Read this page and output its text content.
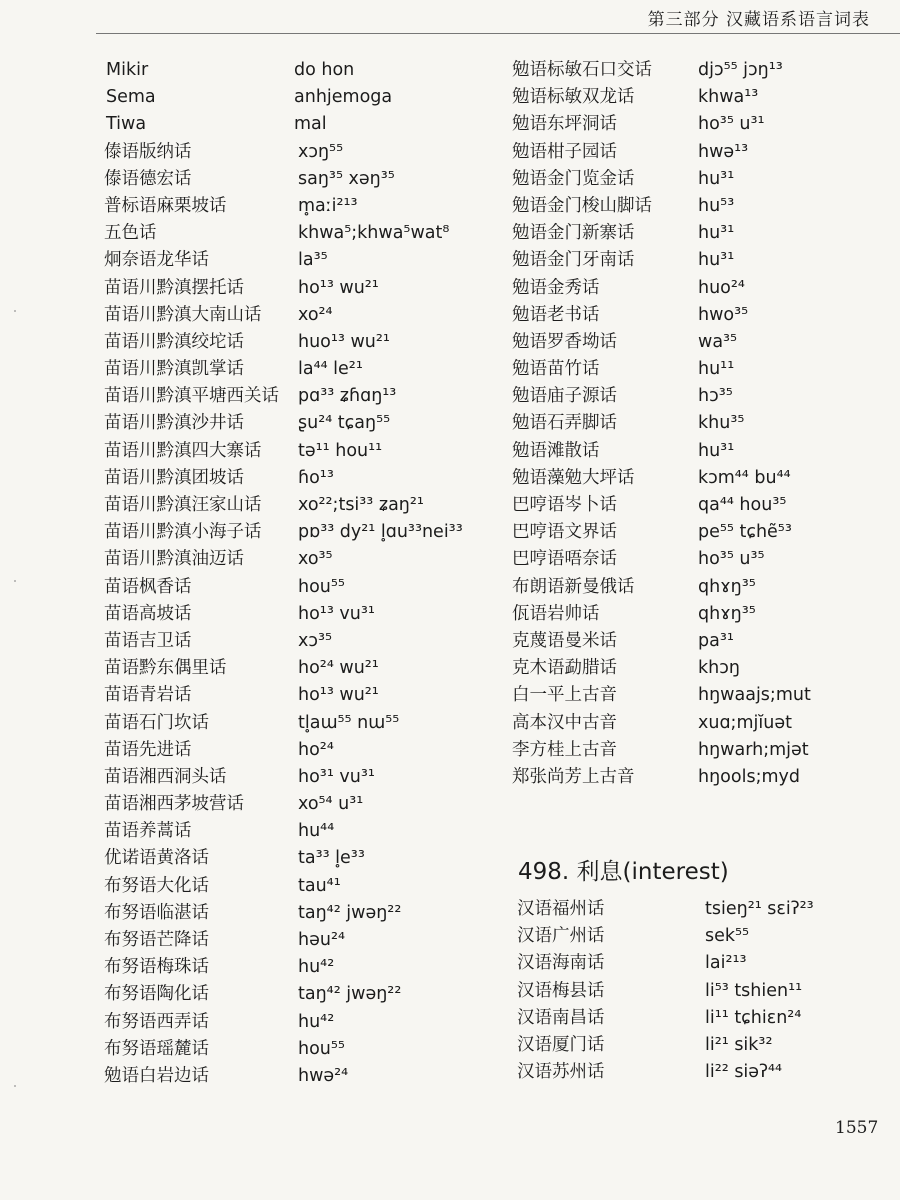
第三部分 汉藏语系语言词表
Mikir	do hon
Sema	anhjemoga
Tiwa	mal
傣语版纳话	xɔŋ⁵⁵
傣语德宏话	saŋ³⁵ xəŋ³⁵
普标语麻栗坡话	m̥aːi²¹³
五色话	khwa⁵;khwa⁵wat⁸
炯奈语龙华话	la³⁵
苗语川黔滇摆托话	ho¹³ wu²¹
苗语川黔滇大南山话 xo²⁴
苗语川黔滇绞坨话	huo¹³ wu²¹
苗语川黔滇凯掌话	la⁴⁴ le²¹
苗语川黔滇平塘西关话 pɑ³³ ʑɦɑŋ¹³
苗语川黔滇沙井话	ʂu²⁴ tɕaŋ⁵⁵
苗语川黔滇四大寨话 tə¹¹ hou¹¹
苗语川黔滇团坡话	ɦo¹³
苗语川黔滇汪家山话 xo²²;tsi³³ ʑaŋ²¹
苗语川黔滇小海子话 pɒ³³ dy²¹ l̥ɑu³³nei³³
苗语川黔滇油迈话	xo³⁵
苗语枫香话	hou⁵⁵
苗语高坡话	ho¹³ vu³¹
苗语吉卫话	xɔ³⁵
苗语黔东偶里话	ho²⁴ wu²¹
苗语青岩话	ho¹³ wu²¹
苗语石门坎话	tl̥aɯ⁵⁵ nɯ⁵⁵
苗语先进话	ho²⁴
苗语湘西洞头话	ho³¹ vu³¹
苗语湘西茅坡营话	xo⁵⁴ u³¹
苗语养蒿话	hu⁴⁴
优诺语黄洛话	ta³³ l̥e³³
布努语大化话	tau⁴¹
布努语临湛话	taŋ⁴² jwəŋ²²
布努语芒降话	həu²⁴
布努语梅珠话	hu⁴²
布努语陶化话	taŋ⁴² jwəŋ²²
布努语西弄话	hu⁴²
布努语瑶麓话	hou⁵⁵
勉语白岩边话	hwə²⁴
勉语标敏石口交话	djɔ⁵⁵ jɔŋ¹³
勉语标敏双龙话	khwa¹³
勉语东坪洞话	ho³⁵ u³¹
勉语柑子园话	hwə¹³
勉语金门览金话	hu³¹
勉语金门梭山脚话	hu⁵³
勉语金门新寨话	hu³¹
勉语金门牙南话	hu³¹
勉语金秀话	huo²⁴
勉语老书话	hwo³⁵
勉语罗香坳话	wa³⁵
勉语苗竹话	hu¹¹
勉语庙子源话	hɔ³⁵
勉语石弄脚话	khu³⁵
勉语滩散话	hu³¹
勉语藻勉大坪话	kɔm⁴⁴ bu⁴⁴
巴哼语岑卜话	qa⁴⁴ hou³⁵
巴哼语文界话	pe⁵⁵ tɕhẽ⁵³
巴哼语唔奈话	ho³⁵ u³⁵
布朗语新曼俄话	qhɤŋ³⁵
佤语岩帅话	qhɤŋ³⁵
克蔑语曼米话	pa³¹
克木语勐腊话	khɔŋ
白一平上古音	hŋwaajs;mut
高本汉中古音	xuɑ;mjĭuət
李方桂上古音	hŋwarh;mjət
郑张尚芳上古音	hŋools;myd
498. 利息(interest)
汉语福州话	tsieŋ²¹ sɛiʔ²³
汉语广州话	sek⁵⁵
汉语海南话	lai²¹³
汉语梅县话	li⁵³ tshien¹¹
汉语南昌话	li¹¹ tɕhiɛn²⁴
汉语厦门话	li²¹ sik³²
汉语苏州话	li²² siəʔ⁴⁴
1557
